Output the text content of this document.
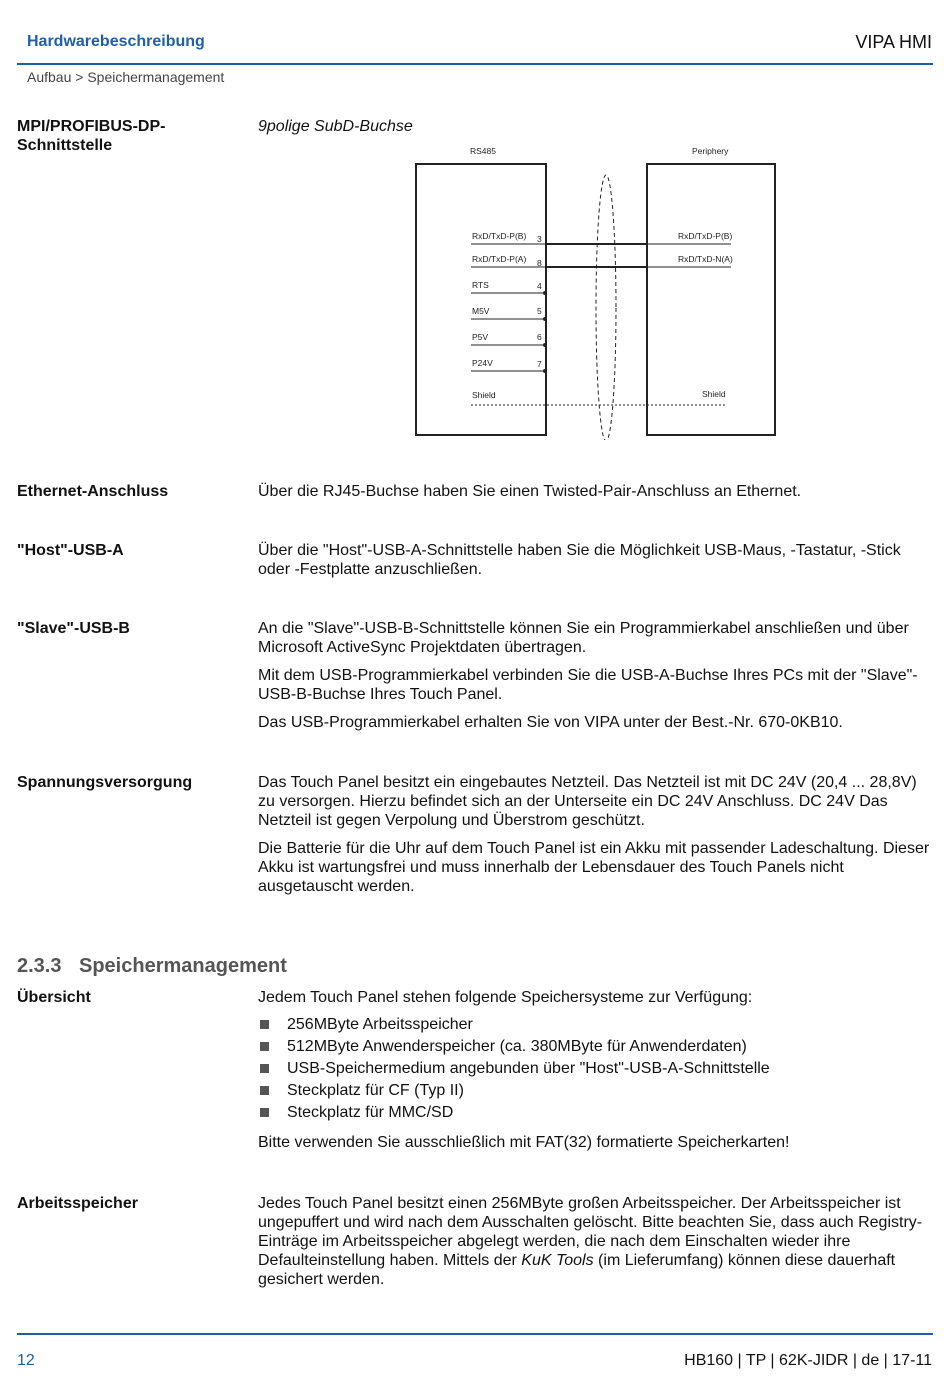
Hardwarebeschreibung	VIPA HMI
Aufbau > Speichermanagement
MPI/PROFIBUS-DP-Schnittstelle
9polige SubD-Buchse
RS485	Periphery
RxD/TxD-P(B) 3
RxD/TxD-P(A) 8
RTS	4
M5V	5
P5V	6
P24V	7
Shield
RxD/TxD-P(B)
RxD/TxD-N(A)
Shield
Ethernet-Anschluss	Über die RJ45-Buchse haben Sie einen Twisted-Pair-Anschluss an Ethernet.
"Host"-USB-A	Über die "Host"-USB-A-Schnittstelle haben Sie die Möglichkeit USB-Maus, -Tastatur, -Stick oder -Festplatte anzuschließen.
"Slave"-USB-B	An die "Slave"-USB-B-Schnittstelle können Sie ein Programmierkabel anschließen und über Microsoft ActiveSync Projektdaten übertragen.

Mit dem USB-Programmierkabel verbinden Sie die USB-A-Buchse Ihres PCs mit der "Slave"-USB-B-Buchse Ihres Touch Panel.

Das USB-Programmierkabel erhalten Sie von VIPA unter der Best.-Nr. 670-0KB10.

Spannungsversorgung	Das Touch Panel besitzt ein eingebautes Netzteil. Das Netzteil ist mit DC 24V (20,4 ... 28,8V) zu versorgen. Hierzu befindet sich an der Unterseite ein DC 24V Anschluss. DC 24V Das Netzteil ist gegen Verpolung und Überstrom geschützt.

Die Batterie für die Uhr auf dem Touch Panel ist ein Akku mit passender Ladeschaltung. Dieser Akku ist wartungsfrei und muss innerhalb der Lebensdauer des Touch Panels nicht ausgetauscht werden.

2.3.3 Speichermanagement
Übersicht	Jedem Touch Panel stehen folgende Speichersysteme zur Verfügung:
256MByte Arbeitsspeicher
512MByte Anwenderspeicher (ca. 380MByte für Anwenderdaten)
USB-Speichermedium angebunden über "Host"-USB-A-Schnittstelle
Steckplatz für CF (Typ II)
Steckplatz für MMC/SD
Bitte verwenden Sie ausschließlich mit FAT(32) formatierte Speicherkarten!
Arbeitsspeicher	Jedes Touch Panel besitzt einen 256MByte großen Arbeitsspeicher. Der Arbeitsspeicher ist ungepuffert und wird nach dem Ausschalten gelöscht. Bitte beachten Sie, dass auch Registry-Einträge im Arbeitsspeicher abgelegt werden, die nach dem Einschalten wieder ihre Defaulteinstellung haben. Mittels der KuK Tools (im Lieferumfang) können diese dauerhaft gesichert werden.
12	HB160 | TP | 62K-JIDR | de | 17-11
